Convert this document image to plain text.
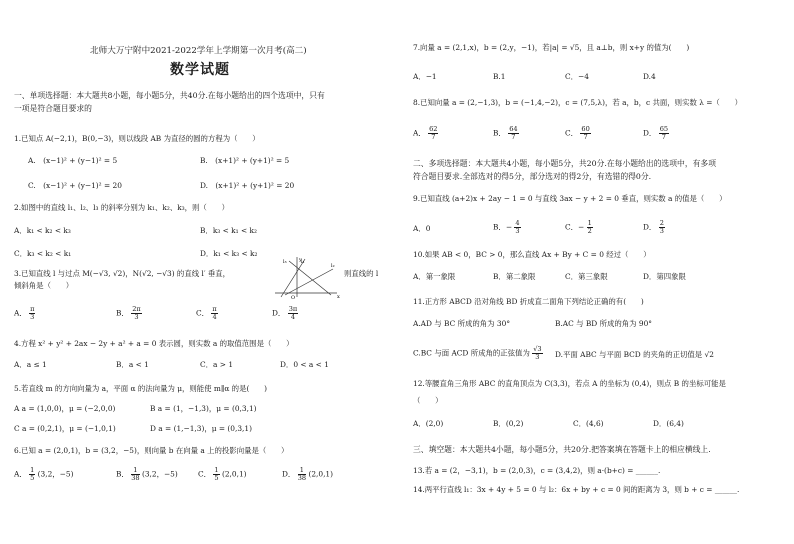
北师大万宁附中2021-2022学年上学期第一次月考(高二)
数学试题
一、单项选择题：本大题共8小题，每小题5分，共40分.在每小题给出的四个选项中，只有
一项是符合题目要求的
1.已知点 A(−2,1)，B(0,−3)，则以线段 AB 为直径的圆的方程为（　　）
A.　(x−1)² + (y−1)² = 5	B.　(x+1)² + (y+1)² = 5
C.　(x−1)² + (y−1)² = 20	D.　(x+1)² + (y+1)² = 20
2.如图中的直线 l₁、l₂、l₃ 的斜率分别为 k₁、k₂、k₃，则（　　）
A．k₁ < k₂ < k₃	B．k₃ < k₁ < k₂
C．k₃ < k₂ < k₁	D．k₁ < k₃ < k₂
3.已知直线 l 与过点 M(−√3, √2)，N(√2, −√3) 的直线 l′ 垂直，
倾斜角是（　　）
则直线的 l
l₁
l₂
l₃
O	x
y
A． $\frac{\pi}{3}$	B． $\frac{2\pi}{3}$	C． $\frac{\pi}{4}$	D． $\frac{3\pi}{4}$
4.方程 x² + y² + 2ax − 2y + a² + a = 0 表示圆，则实数 a 的取值范围是（　　）
A．a ≤ 1	B．a < 1	C．a > 1	D．0 < a < 1
5.若直线 m 的方向向量为 a，平面 α 的法向量为 μ，则能使 m∥α 的是(　　)
A a = (1,0,0)，μ = (−2,0,0)	B a = (1，−1,3)，μ = (0,3,1)
C a = (0,2,1)，μ = (−1,0,1)	D a = (1,−1,3)，μ = (0,3,1)
6.已知 a = (2,0,1)，b = (3,2，−5)，则向量 b 在向量 a 上的投影向量是（　　）
A． $\frac{1}{5} (3,2$，−5)	B． $\frac{1}{38} (3,2$，−5)	C． $\frac{1}{5} (2,0,1)$	D． $\frac{1}{38} (2,0,1)$
7.向量 a = (2,1,x)，b = (2,y，−1)，若|a| = √5，且 a⊥b，则 x+y 的值为(　　)
A．−1	B.1	C．−4	D.4
8.已知向量 a = (2,−1,3)，b = (−1,4,−2)，c = (7,5,λ)，若 a，b，c 共面，则实数 λ =（　　）
A． $\frac{62}{7}$	B． $\frac{64}{7}$	C． $\frac{60}{7}$	D． $\frac{65}{7}$
二、多项选择题：本大题共4小题，每小题5分，共20分.在每小题给出的选项中，有多项
符合题目要求.全部选对的得5分，部分选对的得2分，有选错的得0分.
9.已知直线 (a+2)x + 2ay − 1 = 0 与直线 3ax − y + 2 = 0 垂直，则实数 a 的值是（　　）
A．0	B．− $\frac{4}{3}$	C．− $\frac{1}{2}$	D． $\frac{2}{3}$
10.如果 AB < 0，BC > 0，那么直线 Ax + By + C = 0 经过（　　）
A．第一象限	B．第二象限	C．第三象限	D．第四象限
11.正方形 ABCD 沿对角线 BD 折成直二面角下列结论正确的有(　　)
A.AD 与 BC 所成的角为 30°	B.AC 与 BD 所成的角为 90°
C.BC 与面 ACD 所成角的正弦值为 $\frac{√3}{3} D$.平面 ABC 与平面 BCD 的夹角的正切值是 √2
12.等腰直角三角形 ABC 的直角顶点为 C(3,3)，若点 A 的坐标为 (0,4)，则点 B 的坐标可能是
（　　）
A．(2,0)	B．(0,2)	C．(4,6)	D．(6,4)
三、填空题：本大题共4小题，每小题5分，共20分.把答案填在答题卡上的相应横线上.
13.若 a = (2，−3,1)，b = (2,0,3)，c = (3,4,2)，则 a·(b+c) = ______.
14.两平行直线 l₁：3x + 4y + 5 = 0 与 l₂：6x + by + c = 0 间的距离为 3，则 b + c = ______.
